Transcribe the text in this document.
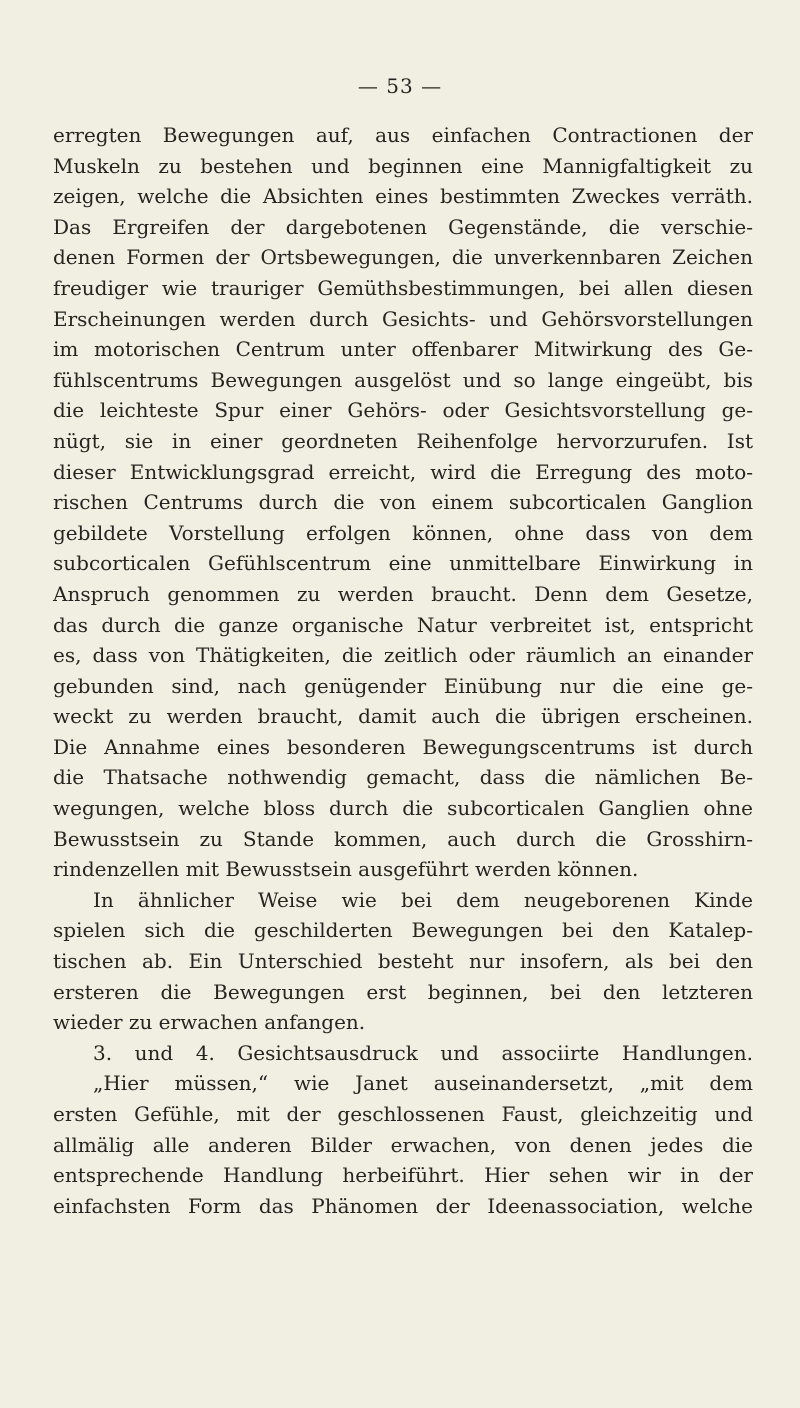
— 53 —
erregten Bewegungen auf, aus einfachen Contractionen der
Muskeln zu bestehen und beginnen eine Mannigfaltigkeit zu
zeigen, welche die Absichten eines bestimmten Zweckes verräth.
Das Ergreifen der dargebotenen Gegenstände, die verschie-
denen Formen der Ortsbewegungen, die unverkennbaren Zeichen
freudiger wie trauriger Gemüthsbestimmungen, bei allen diesen
Erscheinungen werden durch Gesichts- und Gehörsvorstellungen
im motorischen Centrum unter offenbarer Mitwirkung des Ge-
fühlscentrums Bewegungen ausgelöst und so lange eingeübt, bis
die leichteste Spur einer Gehörs- oder Gesichtsvorstellung ge-
nügt, sie in einer geordneten Reihenfolge hervorzurufen. Ist
dieser Entwicklungsgrad erreicht, wird die Erregung des moto-
rischen Centrums durch die von einem subcorticalen Ganglion
gebildete Vorstellung erfolgen können, ohne dass von dem
subcorticalen Gefühlscentrum eine unmittelbare Einwirkung in
Anspruch genommen zu werden braucht. Denn dem Gesetze,
das durch die ganze organische Natur verbreitet ist, entspricht
es, dass von Thätigkeiten, die zeitlich oder räumlich an einander
gebunden sind, nach genügender Einübung nur die eine ge-
weckt zu werden braucht, damit auch die übrigen erscheinen.
Die Annahme eines besonderen Bewegungscentrums ist durch
die Thatsache nothwendig gemacht, dass die nämlichen Be-
wegungen, welche bloss durch die subcorticalen Ganglien ohne
Bewusstsein zu Stande kommen, auch durch die Grosshirn-
rindenzellen mit Bewusstsein ausgeführt werden können.
In ähnlicher Weise wie bei dem neugeborenen Kinde
spielen sich die geschilderten Bewegungen bei den Katalep-
tischen ab. Ein Unterschied besteht nur insofern, als bei den
ersteren die Bewegungen erst beginnen, bei den letzteren
wieder zu erwachen anfangen.
3. und 4. Gesichtsausdruck und associirte Handlungen.
„Hier müssen,“ wie Janet auseinandersetzt, „mit dem
ersten Gefühle, mit der geschlossenen Faust, gleichzeitig und
allmälig alle anderen Bilder erwachen, von denen jedes die
entsprechende Handlung herbeiführt. Hier sehen wir in der
einfachsten Form das Phänomen der Ideenassociation, welche
